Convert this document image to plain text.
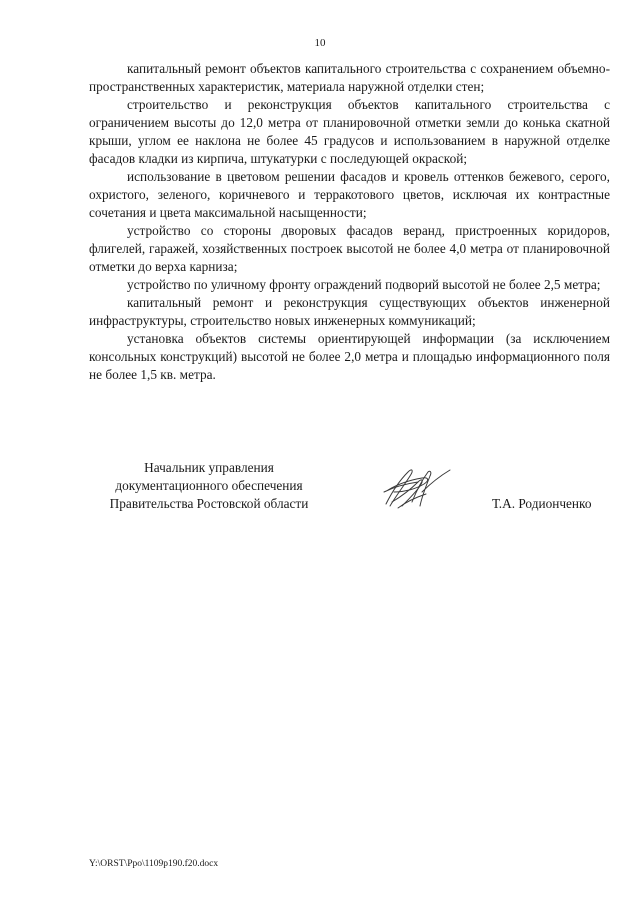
10

капитальный ремонт объектов капитального строительства с сохранением объемно-пространственных характеристик, материала наружной отделки стен;

строительство и реконструкция объектов капитального строительства с ограничением высоты до 12,0 метра от планировочной отметки земли до конька скатной крыши, углом ее наклона не более 45 градусов и использованием в наружной отделке фасадов кладки из кирпича, штукатурки с последующей окраской;

использование в цветовом решении фасадов и кровель оттенков бежевого, серого, охристого, зеленого, коричневого и терракотового цветов, исключая их контрастные сочетания и цвета максимальной насыщенности;

устройство со стороны дворовых фасадов веранд, пристроенных коридоров, флигелей, гаражей, хозяйственных построек высотой не более 4,0 метра от планировочной отметки до верха карниза;

устройство по уличному фронту ограждений подворий высотой не более 2,5 метра;

капитальный ремонт и реконструкция существующих объектов инженерной инфраструктуры, строительство новых инженерных коммуникаций;

установка объектов системы ориентирующей информации (за исключением консольных конструкций) высотой не более 2,0 метра и площадью информационного поля не более 1,5 кв. метра.

Начальник управления
документационного обеспечения
Правительства Ростовской области	Т.А. Родионченко
Y:\ORST\Ppo\1109p190.f20.docx
